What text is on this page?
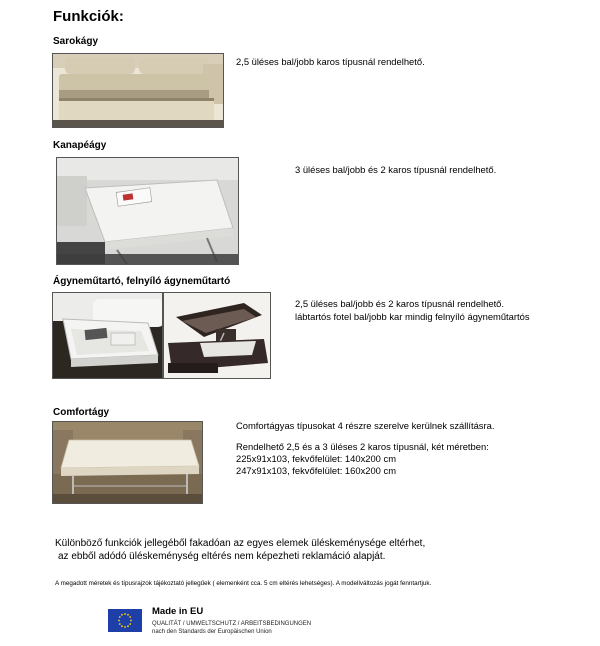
Funkciók:
Sarokágy
2,5 üléses bal/jobb karos típusnál rendelhető.
Kanapéágy
3 üléses bal/jobb és 2 karos típusnál rendelhető.
Ágyneműtartó, felnyíló ágyneműtartó
2,5 üléses bal/jobb és 2 karos típusnál rendelhető.
lábtartós fotel bal/jobb kar mindig felnyíló ágyneműtartós
Comfortágy
Comfortágyas típusokat 4 részre szerelve kerülnek szállításra.
Rendelhető 2,5 és a 3 üléses 2 karos típusnál, két méretben:
225x91x103, fekvőfelület: 140x200 cm
247x91x103, fekvőfelület: 160x200 cm
Különböző funkciók jellegéből fakadóan az egyes elemek üléskeménysége eltérhet,
az ebből adódó üléskeménység eltérés nem képezheti reklamáció alapját.
A megadott méretek és típusrajzok tájékoztató jellegűek ( elemenként cca. 5 cm eltérés lehetséges). A modellváltozás jogát fenntartjuk.
Made in EU
QUALITÄT / UMWELTSCHUTZ / ARBEITSBEDINGUNGEN
nach den Standards der Europäischen Union
